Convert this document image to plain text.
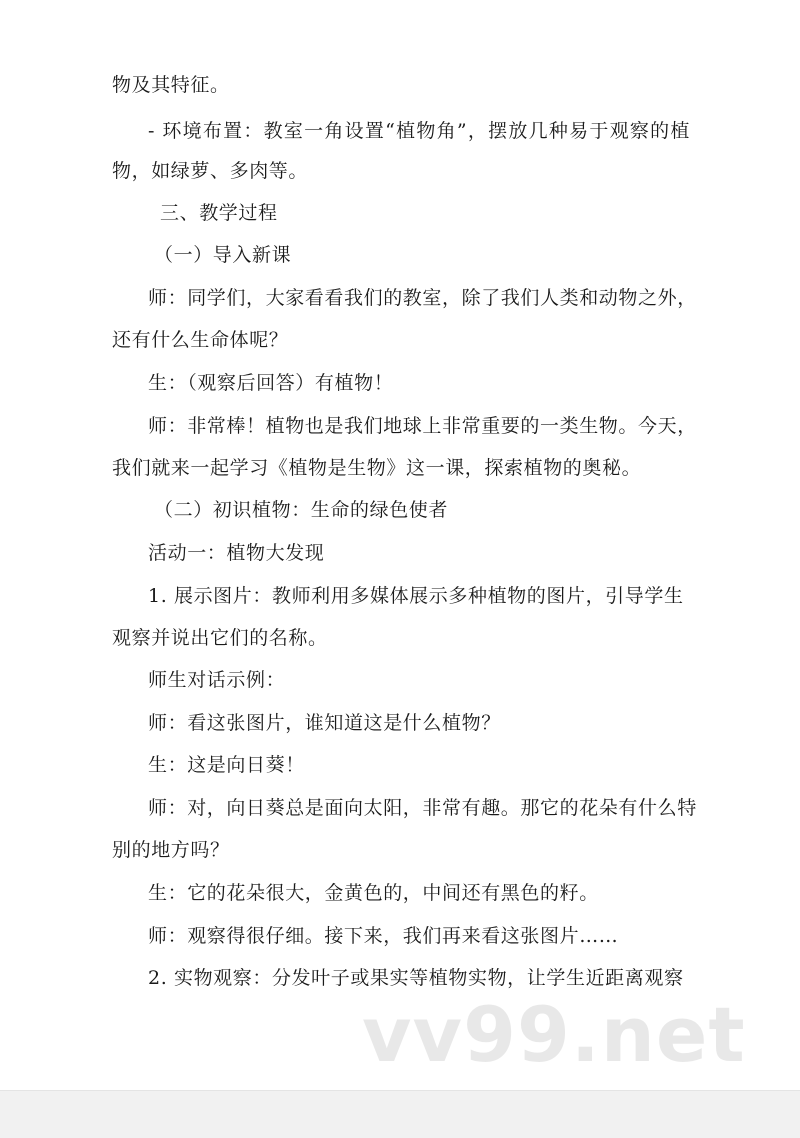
物及其特征。
- 环境布置：教室一角设置“植物角”，摆放几种易于观察的植
物，如绿萝、多肉等。
三、教学过程
（一）导入新课
师：同学们，大家看看我们的教室，除了我们人类和动物之外，
还有什么生命体呢？
生：（观察后回答）有植物！
师：非常棒！植物也是我们地球上非常重要的一类生物。今天，
我们就来一起学习《植物是生物》这一课，探索植物的奥秘。
（二）初识植物：生命的绿色使者
活动一：植物大发现
1. 展示图片：教师利用多媒体展示多种植物的图片，引导学生
观察并说出它们的名称。
师生对话示例：
师：看这张图片，谁知道这是什么植物？
生：这是向日葵！
师：对，向日葵总是面向太阳，非常有趣。那它的花朵有什么特
别的地方吗？
生：它的花朵很大，金黄色的，中间还有黑色的籽。
师：观察得很仔细。接下来，我们再来看这张图片……
2. 实物观察：分发叶子或果实等植物实物，让学生近距离观察
vv99.net
